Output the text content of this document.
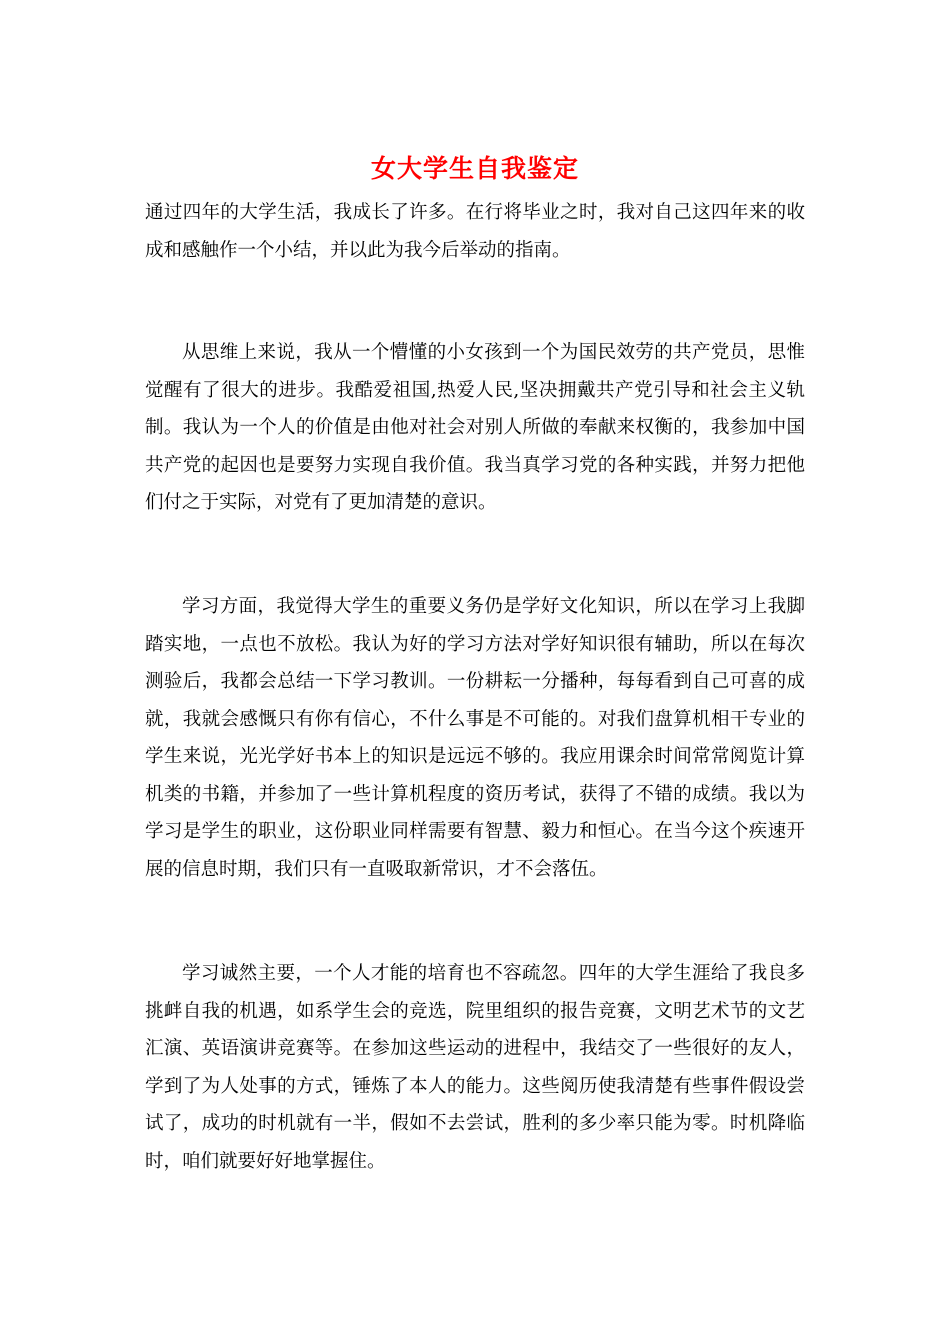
女大学生自我鉴定

通过四年的大学生活，我成长了许多。在行将毕业之时，我对自己这四年来的收成和感触作一个小结，并以此为我今后举动的指南。

从思维上来说，我从一个懵懂的小女孩到一个为国民效劳的共产党员，思惟觉醒有了很大的进步。我酷爱祖国,热爱人民,坚决拥戴共产党引导和社会主义轨制。我认为一个人的价值是由他对社会对别人所做的奉献来权衡的，我参加中国共产党的起因也是要努力实现自我价值。我当真学习党的各种实践，并努力把他们付之于实际，对党有了更加清楚的意识。

学习方面，我觉得大学生的重要义务仍是学好文化知识，所以在学习上我脚踏实地，一点也不放松。我认为好的学习方法对学好知识很有辅助，所以在每次测验后，我都会总结一下学习教训。一份耕耘一分播种，每每看到自己可喜的成就，我就会感慨只有你有信心，不什么事是不可能的。对我们盘算机相干专业的学生来说，光光学好书本上的知识是远远不够的。我应用课余时间常常阅览计算机类的书籍，并参加了一些计算机程度的资历考试，获得了不错的成绩。我以为学习是学生的职业，这份职业同样需要有智慧、毅力和恒心。在当今这个疾速开展的信息时期，我们只有一直吸取新常识，才不会落伍。

学习诚然主要，一个人才能的培育也不容疏忽。四年的大学生涯给了我良多挑衅自我的机遇，如系学生会的竞选，院里组织的报告竞赛，文明艺术节的文艺汇演、英语演讲竞赛等。在参加这些运动的进程中，我结交了一些很好的友人，学到了为人处事的方式，锤炼了本人的能力。这些阅历使我清楚有些事件假设尝试了，成功的时机就有一半，假如不去尝试，胜利的多少率只能为零。时机降临时，咱们就要好好地掌握住。
